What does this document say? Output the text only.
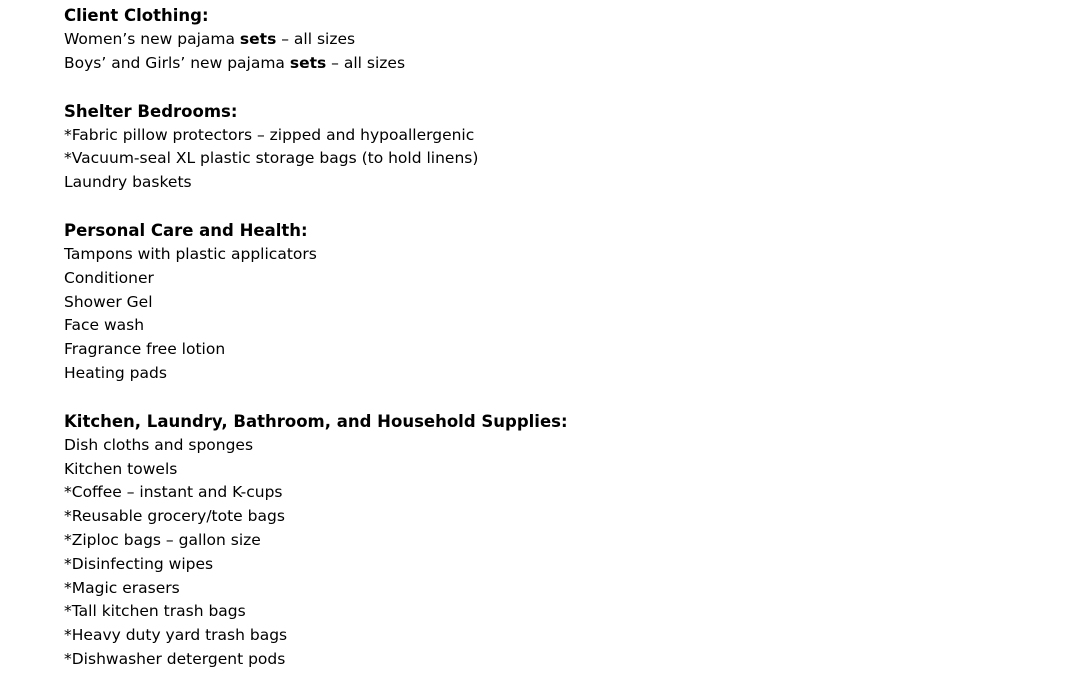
Client Clothing:
Women’s new pajama sets – all sizes
Boys’ and Girls’ new pajama sets – all sizes
Shelter Bedrooms:
*Fabric pillow protectors – zipped and hypoallergenic
*Vacuum-seal XL plastic storage bags (to hold linens)
Laundry baskets
Personal Care and Health:
Tampons with plastic applicators
Conditioner
Shower Gel
Face wash
Fragrance free lotion
Heating pads
Kitchen, Laundry, Bathroom, and Household Supplies:
Dish cloths and sponges
Kitchen towels
*Coffee – instant and K-cups
*Reusable grocery/tote bags
*Ziploc bags – gallon size
*Disinfecting wipes
*Magic erasers
*Tall kitchen trash bags
*Heavy duty yard trash bags
*Dishwasher detergent pods
